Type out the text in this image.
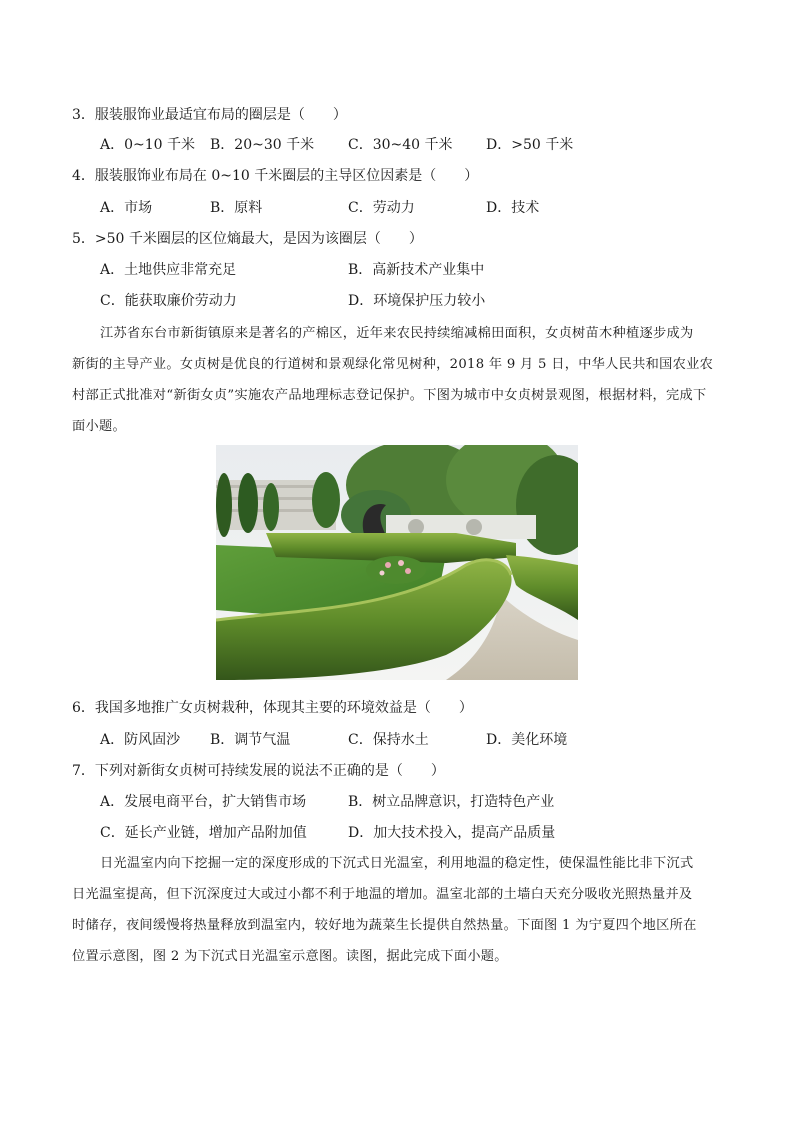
3．服装服饰业最适宜布局的圈层是（　　）
A．0~10 千米 B．20~30 千米 C．30~40 千米 D．>50 千米
4．服装服饰业布局在 0~10 千米圈层的主导区位因素是（　　）
A．市场	B．原料	C．劳动力	D．技术
5．>50 千米圈层的区位熵最大，是因为该圈层（　　）
A．土地供应非常充足	B．高新技术产业集中
C．能获取廉价劳动力	D．环境保护压力较小
江苏省东台市新街镇原来是著名的产棉区，近年来农民持续缩减棉田面积，女贞树苗木种植逐步成为
新街的主导产业。女贞树是优良的行道树和景观绿化常见树种，2018 年 9 月 5 日，中华人民共和国农业农
村部正式批准对“新街女贞”实施农产品地理标志登记保护。下图为城市中女贞树景观图，根据材料，完成下
面小题。
6．我国多地推广女贞树栽种，体现其主要的环境效益是（　　）
A．防风固沙 B．调节气温	C．保持水土	D．美化环境
7．下列对新街女贞树可持续发展的说法不正确的是（　　）
A．发展电商平台，扩大销售市场	B．树立品牌意识，打造特色产业
C．延长产业链，增加产品附加值	D．加大技术投入，提高产品质量
日光温室内向下挖掘一定的深度形成的下沉式日光温室，利用地温的稳定性，使保温性能比非下沉式
日光温室提高，但下沉深度过大或过小都不利于地温的增加。温室北部的土墙白天充分吸收光照热量并及
时储存，夜间缓慢将热量释放到温室内，较好地为蔬菜生长提供自然热量。下面图 1 为宁夏四个地区所在
位置示意图，图 2 为下沉式日光温室示意图。读图，据此完成下面小题。
